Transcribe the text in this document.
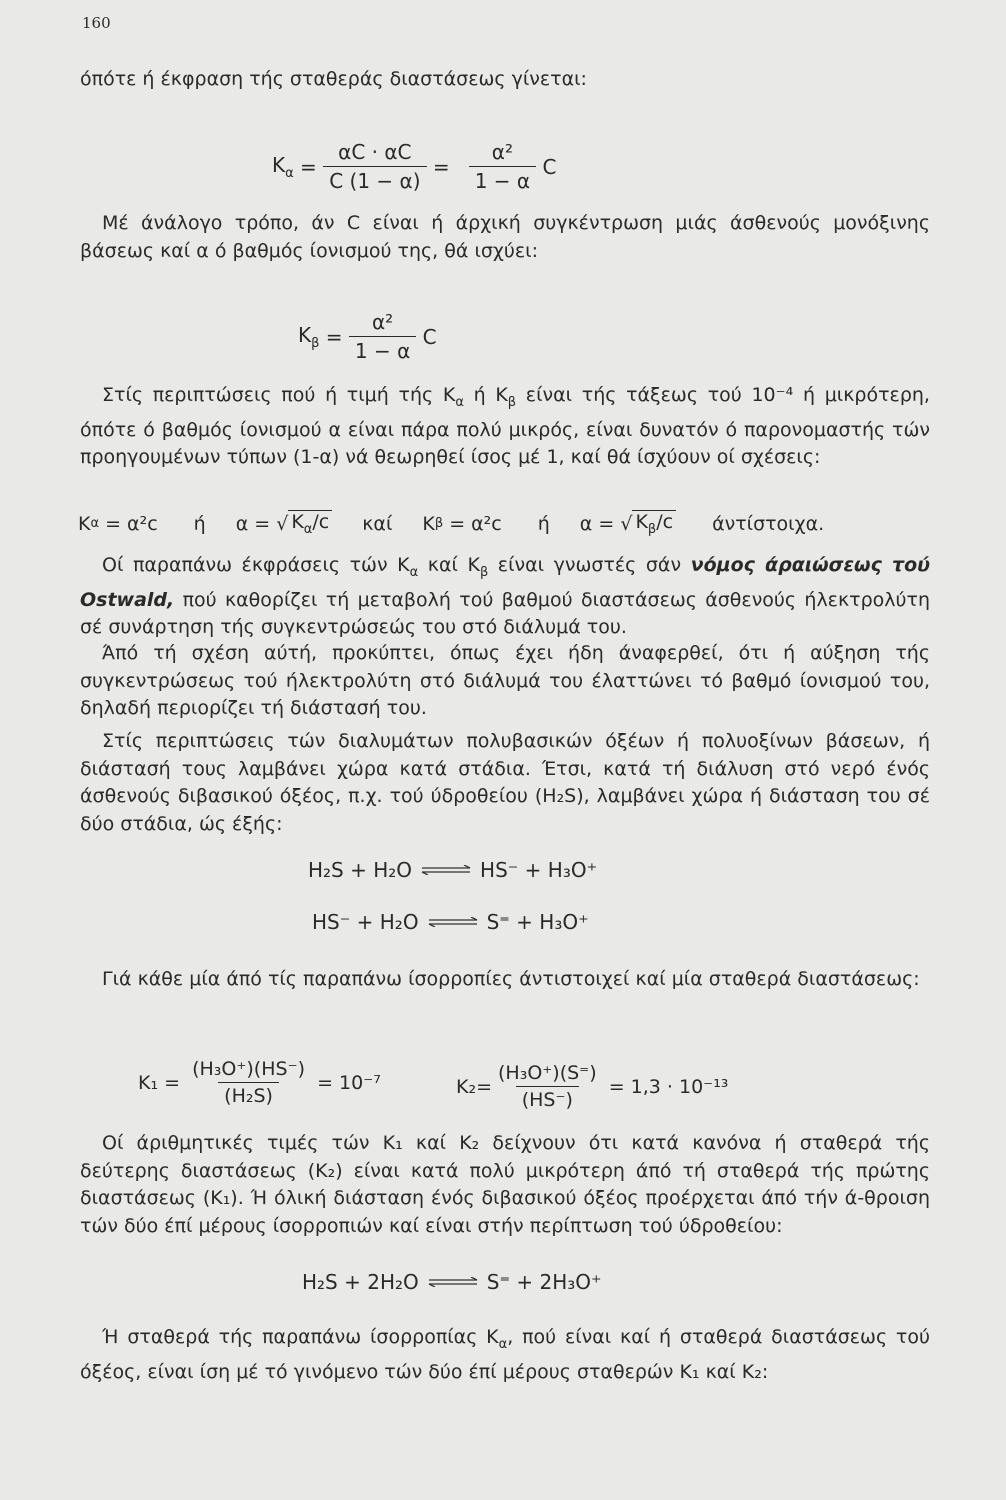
160
όπότε ή έκφραση τής σταθεράς διαστάσεως γίνεται:
$K_\alpha = \frac{\alpha C \cdot \alpha C}{C (1 - \alpha)} = \frac{\text{α²}}{1 - \alpha}$
C
Μέ άνάλογο τρόπο, άν C είναι ή άρχική συγκέντρωση μιάς άσθενούς μονόξινης βάσεως καί α ό βαθμός ίονισμού της, θά ισχύει:
$K_\beta = \frac{\text{α²}}{1 - \alpha}$
C
Στίς περιπτώσεις πού ή τιμή τής $K_\alpha$ ή $K_\beta$ είναι τής τάξεως τού 10⁻⁴ ή μικρότερη, όπότε ό βαθμός ίονισμού α είναι πάρα πολύ μικρός, είναι δυνατόν ό παρονομαστής τών προηγουμένων τύπων (1-α) νά θεωρηθεί ίσος μέ 1, καί θά ίσχύουν οί σχέσεις:
K α
= α²c ή α = √ $K_\alpha/c$ καί K β
= α²c ή α = √ $K_\beta/c$ άντίστοιχα.
Οί παραπάνω έκφράσεις τών $K_\alpha$ καί $K_\beta$ είναι γνωστές σάν νόμος άραιώσεως τού Ostwald, πού καθορίζει τή μεταβολή τού βαθμού διαστάσεως άσθενούς ήλεκτρολύτη σέ συνάρτηση τής συγκεντρώσεώς του στό διάλυμά του.
Άπό τή σχέση αύτή, προκύπτει, όπως έχει ήδη άναφερθεί, ότι ή αύξηση τής συγκεντρώσεως τού ήλεκτρολύτη στό διάλυμά του έλαττώνει τό βαθμό ίονισμού του, δηλαδή περιορίζει τή διάστασή του.
Στίς περιπτώσεις τών διαλυμάτων πολυβασικών όξέων ή πολυοξίνων βάσεων, ή διάστασή τους λαμβάνει χώρα κατά στάδια. Έτσι, κατά τή διάλυση στό νερό ένός άσθενούς διβασικού όξέος, π.χ. τού ύδροθείου (H₂S), λαμβάνει χώρα ή διάσταση του σέ δύο στάδια, ώς έξής:
H₂S + H₂O ⇌ HS⁻ + H₃O⁺
HS⁻ + H₂O ⇌ S⁼ + H₃O⁺
Γιά κάθε μία άπό τίς παραπάνω ίσορροπίες άντιστοιχεί καί μία σταθερά διαστάσεως:
K₁ =
$\frac{\text{(H₃O⁺)(HS⁻)}}{\text{(H₂S)}}$
= 10⁻⁷	$K_2= \frac{\text{(H₃O⁺)(S⁼)}}{(HS^-)}$
= 1,3 · 10⁻¹³
Οί άριθμητικές τιμές τών K₁ καί K₂ δείχνουν ότι κατά κανόνα ή σταθερά τής δεύτερης διαστάσεως (K₂) είναι κατά πολύ μικρότερη άπό τή σταθερά τής πρώτης διαστάσεως (K₁). Ή όλική διάσταση ένός διβασικού όξέος προέρχεται άπό τήν ά-θροιση τών δύο έπί μέρους ίσορροπιών καί είναι στήν περίπτωση τού ύδροθείου:
H₂S + 2H₂O ⇌ S⁼ + 2H₃O⁺
Ή σταθερά τής παραπάνω ίσορροπίας $K_\alpha$, πού είναι καί ή σταθερά διαστάσεως τού όξέος, είναι ίση μέ τό γινόμενο τών δύο έπί μέρους σταθερών K₁ καί K₂:
